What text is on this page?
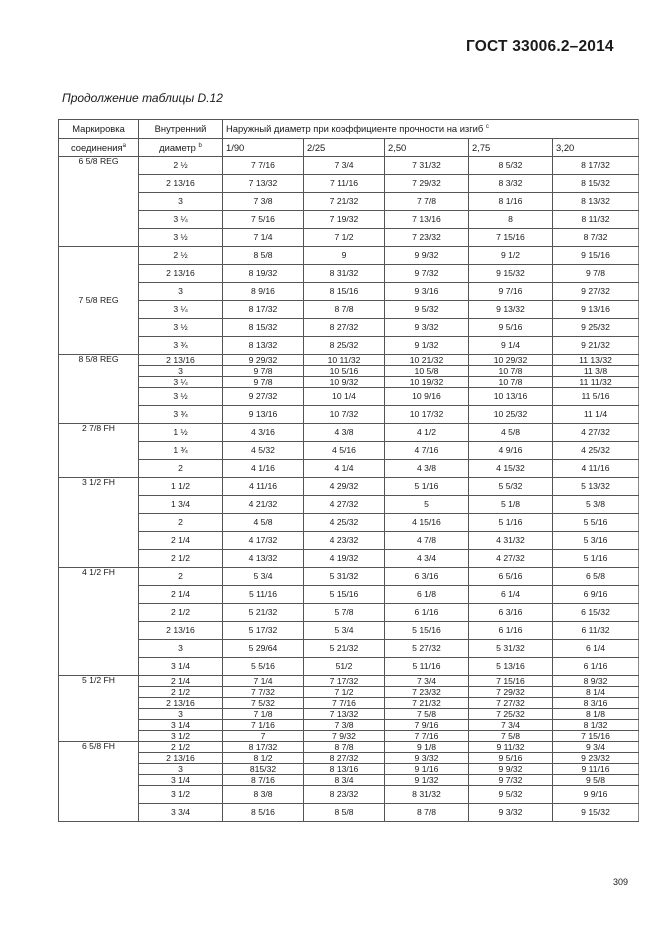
ГОСТ 33006.2–2014
Продолжение таблицы D.12
Маркировка	Внутренний	Наружный диаметр при коэффициенте прочности на изгиб $^c$
соединения$^a$	диаметр $^b$	1/90	2/25	2,50	2,75	3,20
6 5/8 REG	2 ½	7 7/16	7 3/4	7 31/32	8 5/32	8 17/32
	2 13/16	7 13/32	7 11/16	7 29/32	8 3/32	8 15/32
	3	7 3/8	7 21/32	7 7/8	8 1/16	8 13/32
	3 ¼	7 5/16	7 19/32	7 13/16	8	8 11/32
	3 ½	7 1/4	7 1/2	7 23/32	7 15/16	8 7/32
7 5/8 REG	2 ½	8 5/8	9	9 9/32	9 1/2	9 15/16
	2 13/16	8 19/32	8 31/32	9 7/32	9 15/32	9 7/8
	3	8 9/16	8 15/16	9 3/16	9 7/16	9 27/32
	3 ¼	8 17/32	8 7/8	9 5/32	9 13/32	9 13/16
	3 ½	8 15/32	8 27/32	9 3/32	9 5/16	9 25/32
	3 ¾	8 13/32	8 25/32	9 1/32	9 1/4	9 21/32
8 5/8 REG	2 13/16	9 29/32	10 11/32	10 21/32	10 29/32	11 13/32
	3	9 7/8	10 5/16	10 5/8	10 7/8	11 3/8
	3 ¼	9 7/8	10 9/32	10 19/32	10 7/8	11 11/32
	3 ½	9 27/32	10 1/4	10 9/16	10 13/16	11 5/16
	3 ¾	9 13/16	10 7/32	10 17/32	10 25/32	11 1/4
2 7/8 FH	1 ½	4 3/16	4 3/8	4 1/2	4 5/8	4 27/32
	1 ¾	4 5/32	4 5/16	4 7/16	4 9/16	4 25/32
	2	4 1/16	4 1/4	4 3/8	4 15/32	4 11/16
3 1/2 FH	1 1/2	4 11/16	4 29/32	5 1/16	5 5/32	5 13/32
	1 3/4	4 21/32	4 27/32	5	5 1/8	5 3/8
	2	4 5/8	4 25/32	4 15/16	5 1/16	5 5/16
	2 1/4	4 17/32	4 23/32	4 7/8	4 31/32	5 3/16
	2 1/2	4 13/32	4 19/32	4 3/4	4 27/32	5 1/16
4 1/2 FH	2	5 3/4	5 31/32	6 3/16	6 5/16	6 5/8
	2 1/4	5 11/16	5 15/16	6 1/8	6 1/4	6 9/16
	2 1/2	5 21/32	5 7/8	6 1/16	6 3/16	6 15/32
	2 13/16	5 17/32	5 3/4	5 15/16	6 1/16	6 11/32
	3	5 29/64	5 21/32	5 27/32	5 31/32	6 1/4
	3 1/4	5 5/16	51/2	5 11/16	5 13/16	6 1/16
5 1/2 FH	2 1/4	7 1/4	7 17/32	7 3/4	7 15/16	8 9/32
	2 1/2	7 7/32	7 1/2	7 23/32	7 29/32	8 1/4
	2 13/16	7 5/32	7 7/16	7 21/32	7 27/32	8 3/16
	3	7 1/8	7 13/32	7 5/8	7 25/32	8 1/8
	3 1/4	7 1/16	7 3/8	7 9/16	7 3/4	8 1/32
	3 1/2	7	7 9/32	7 7/16	7 5/8	7 15/16
6 5/8 FH	2 1/2	8 17/32	8 7/8	9 1/8	9 11/32	9 3/4
	2 13/16	8 1/2	8 27/32	9 3/32	9 5/16	9 23/32
	3	815/32	8 13/16	9 1/16	9 9/32	9 11/16
	3 1/4	8 7/16	8 3/4	9 1/32	9 7/32	9 5/8
	3 1/2	8 3/8	8 23/32	8 31/32	9 5/32	9 9/16
	3 3/4	8 5/16	8 5/8	8 7/8	9 3/32	9 15/32
309
